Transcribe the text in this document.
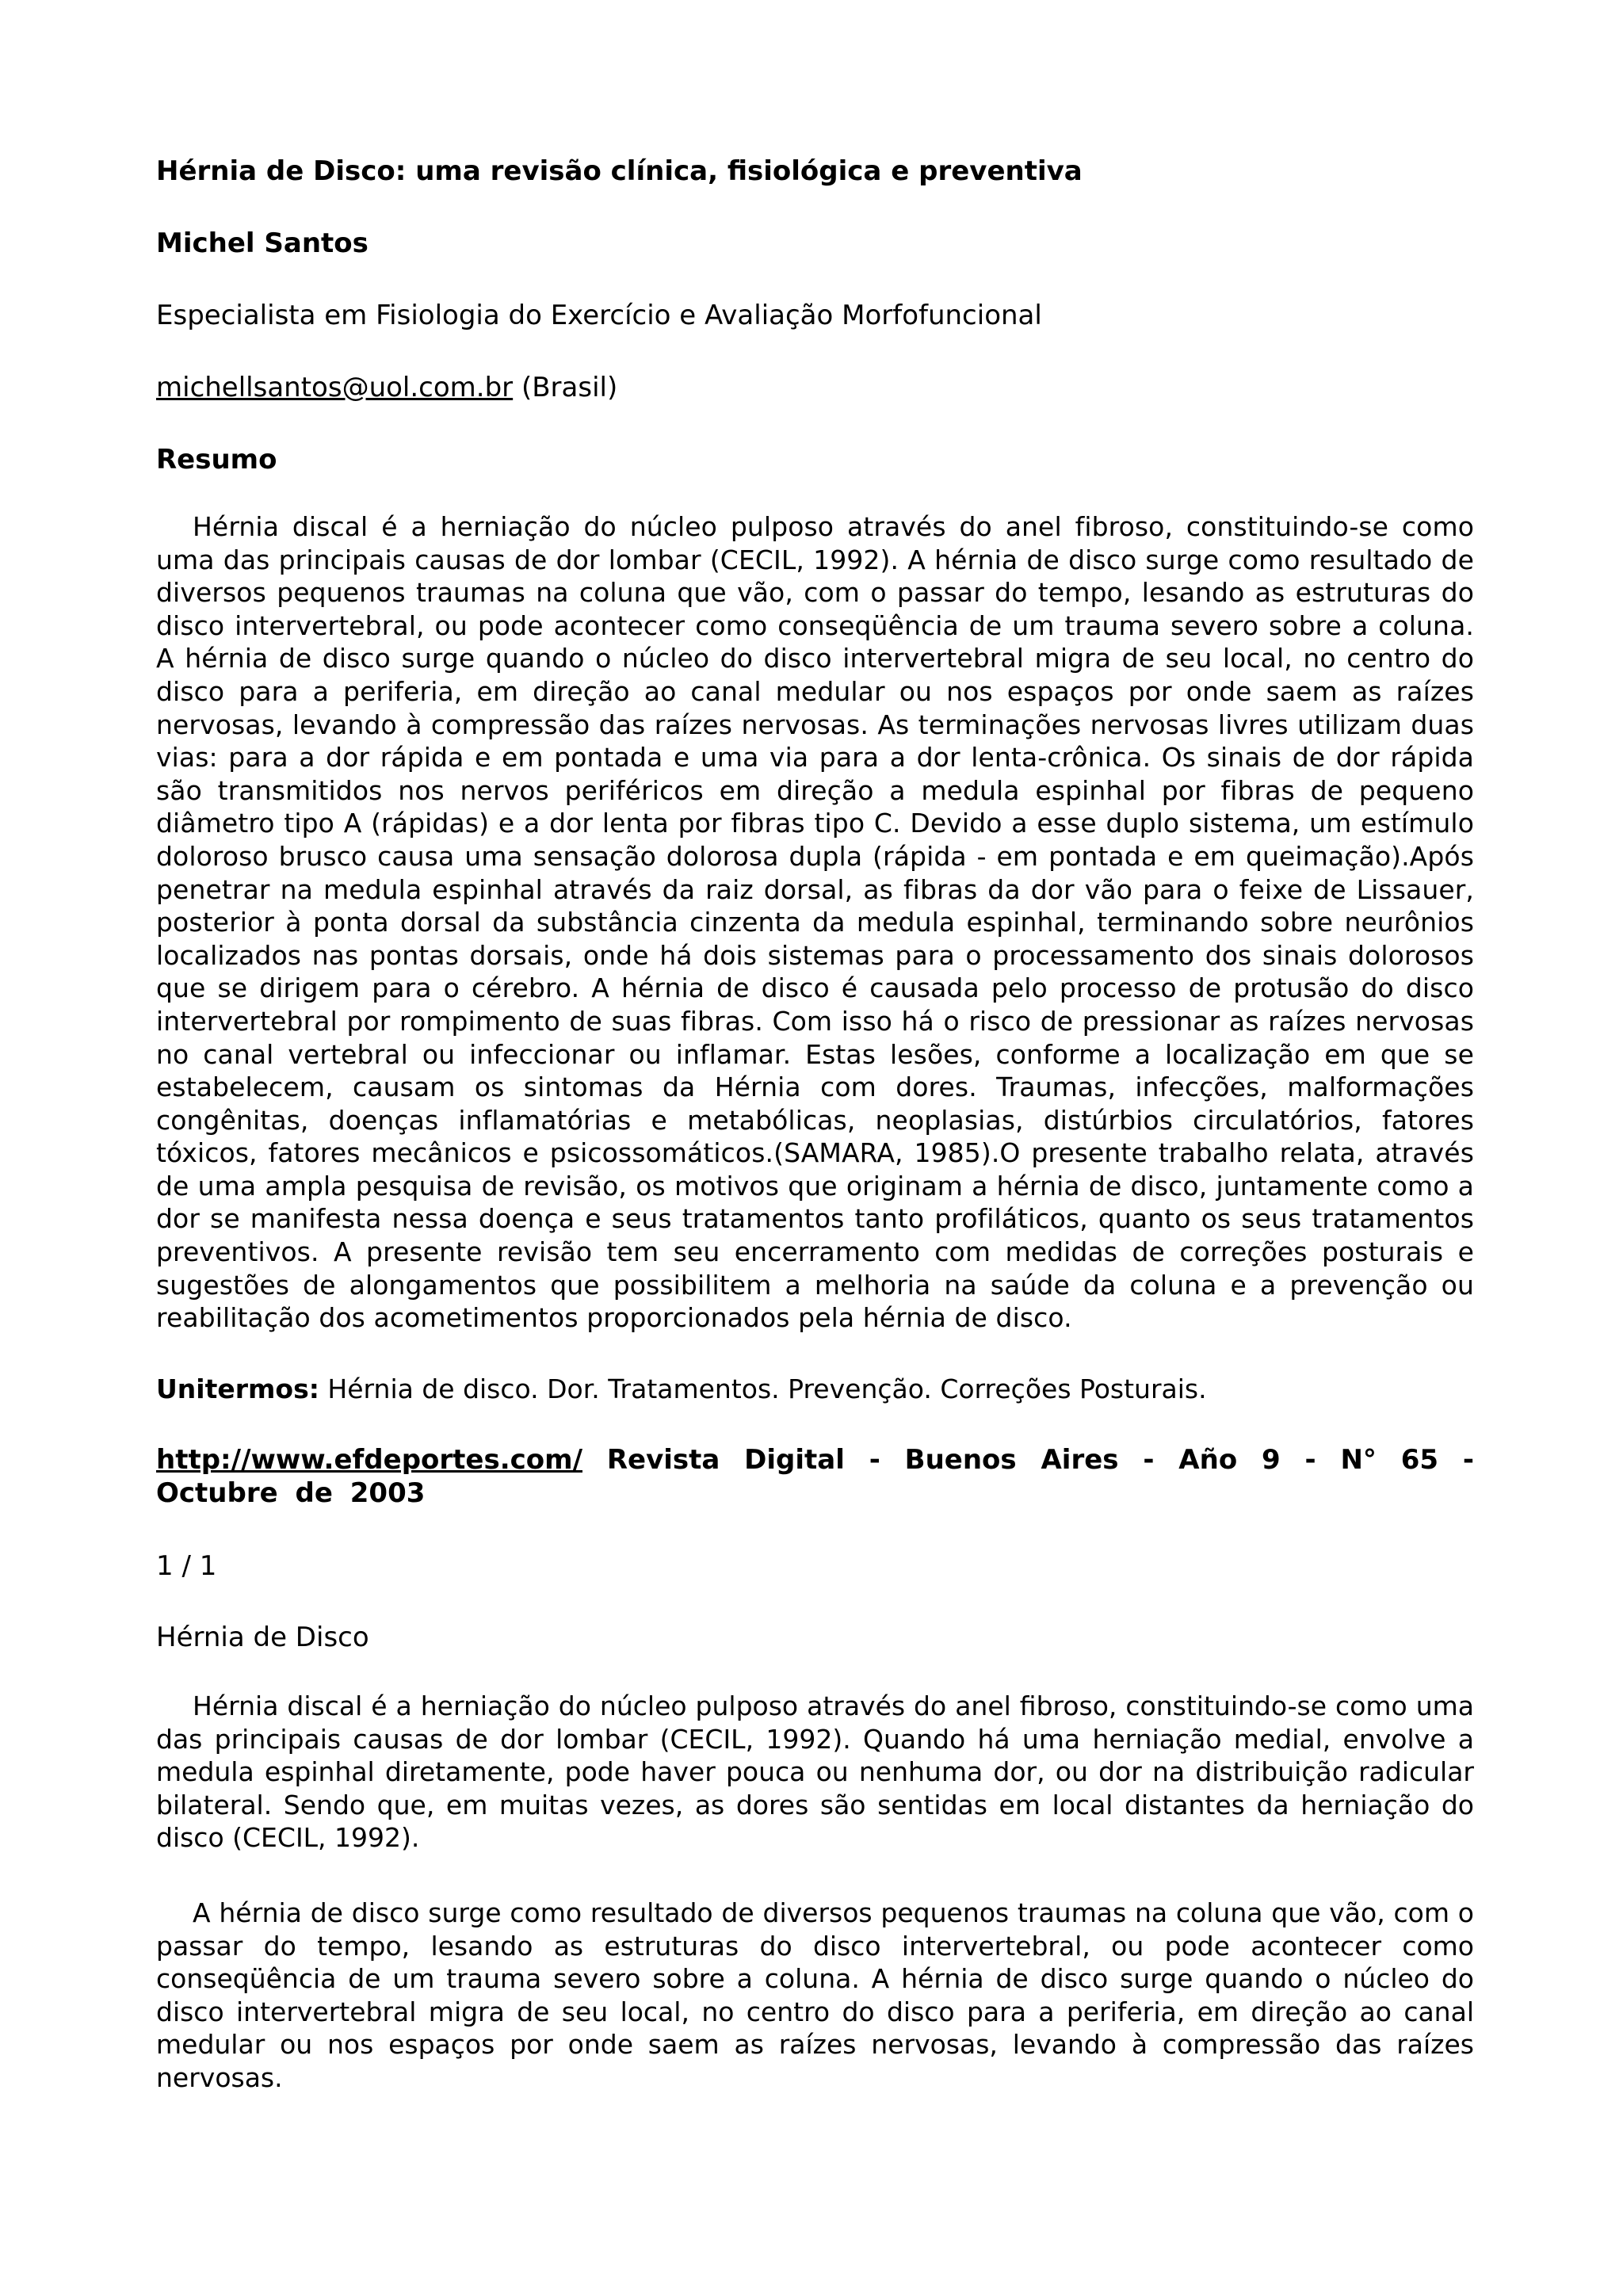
Hérnia de Disco: uma revisão clínica, fisiológica e preventiva
Michel Santos
Especialista em Fisiologia do Exercício e Avaliação Morfofuncional
michellsantos@uol.com.br (Brasil)
Resumo

Hérnia discal é a herniação do núcleo pulposo através do anel fibroso, constituindo-se como uma das principais causas de dor lombar (CECIL, 1992). A hérnia de disco surge como resultado de diversos pequenos traumas na coluna que vão, com o passar do tempo, lesando as estruturas do disco intervertebral, ou pode acontecer como conseqüência de um trauma severo sobre a coluna. A hérnia de disco surge quando o núcleo do disco intervertebral migra de seu local, no centro do disco para a periferia, em direção ao canal medular ou nos espaços por onde saem as raízes nervosas, levando à compressão das raízes nervosas. As terminações nervosas livres utilizam duas vias: para a dor rápida e em pontada e uma via para a dor lenta-crônica. Os sinais de dor rápida são transmitidos nos nervos periféricos em direção a medula espinhal por fibras de pequeno diâmetro tipo A (rápidas) e a dor lenta por fibras tipo C. Devido a esse duplo sistema, um estímulo doloroso brusco causa uma sensação dolorosa dupla (rápida - em pontada e em queimação).Após penetrar na medula espinhal através da raiz dorsal, as fibras da dor vão para o feixe de Lissauer, posterior à ponta dorsal da substância cinzenta da medula espinhal, terminando sobre neurônios localizados nas pontas dorsais, onde há dois sistemas para o processamento dos sinais dolorosos que se dirigem para o cérebro. A hérnia de disco é causada pelo processo de protusão do disco intervertebral por rompimento de suas fibras. Com isso há o risco de pressionar as raízes nervosas no canal vertebral ou infeccionar ou inflamar. Estas lesões, conforme a localização em que se estabelecem, causam os sintomas da Hérnia com dores. Traumas, infecções, malformações congênitas, doenças inflamatórias e metabólicas, neoplasias, distúrbios circulatórios, fatores tóxicos, fatores mecânicos e psicossomáticos.(SAMARA, 1985).O presente trabalho relata, através de uma ampla pesquisa de revisão, os motivos que originam a hérnia de disco, juntamente como a dor se manifesta nessa doença e seus tratamentos tanto profiláticos, quanto os seus tratamentos preventivos. A presente revisão tem seu encerramento com medidas de correções posturais e sugestões de alongamentos que possibilitem a melhoria na saúde da coluna e a prevenção ou reabilitação dos acometimentos proporcionados pela hérnia de disco.

Unitermos: Hérnia de disco. Dor. Tratamentos. Prevenção. Correções Posturais.
http://www.efdeportes.com/ Revista Digital - Buenos Aires - Año 9 - N° 65 - Octubre de 2003
1 / 1
Hérnia de Disco

Hérnia discal é a herniação do núcleo pulposo através do anel fibroso, constituindo-se como uma das principais causas de dor lombar (CECIL, 1992). Quando há uma herniação medial, envolve a medula espinhal diretamente, pode haver pouca ou nenhuma dor, ou dor na distribuição radicular bilateral. Sendo que, em muitas vezes, as dores são sentidas em local distantes da herniação do disco (CECIL, 1992).

A hérnia de disco surge como resultado de diversos pequenos traumas na coluna que vão, com o passar do tempo, lesando as estruturas do disco intervertebral, ou pode acontecer como conseqüência de um trauma severo sobre a coluna. A hérnia de disco surge quando o núcleo do disco intervertebral migra de seu local, no centro do disco para a periferia, em direção ao canal medular ou nos espaços por onde saem as raízes nervosas, levando à compressão das raízes nervosas.
